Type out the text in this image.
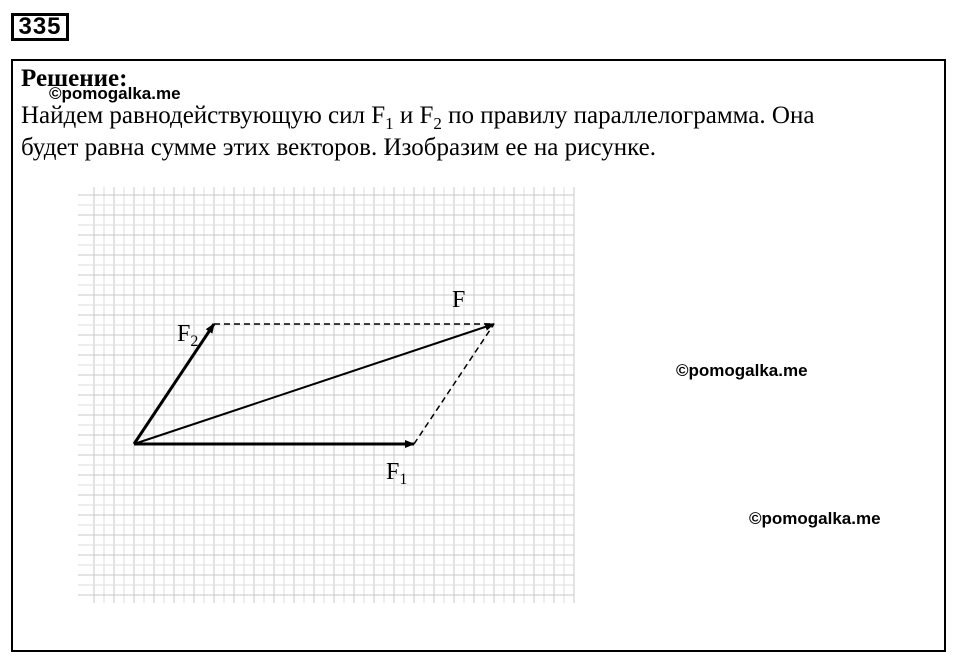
335
Решение:
©pomogalka.me
Найдем равнодействующую сил $F_1$ и $F_2$ по правилу параллелограмма. Она
будет равна сумме этих векторов. Изобразим ее на рисунке.
©pomogalka.me
©pomogalka.me
F
F1
F2
